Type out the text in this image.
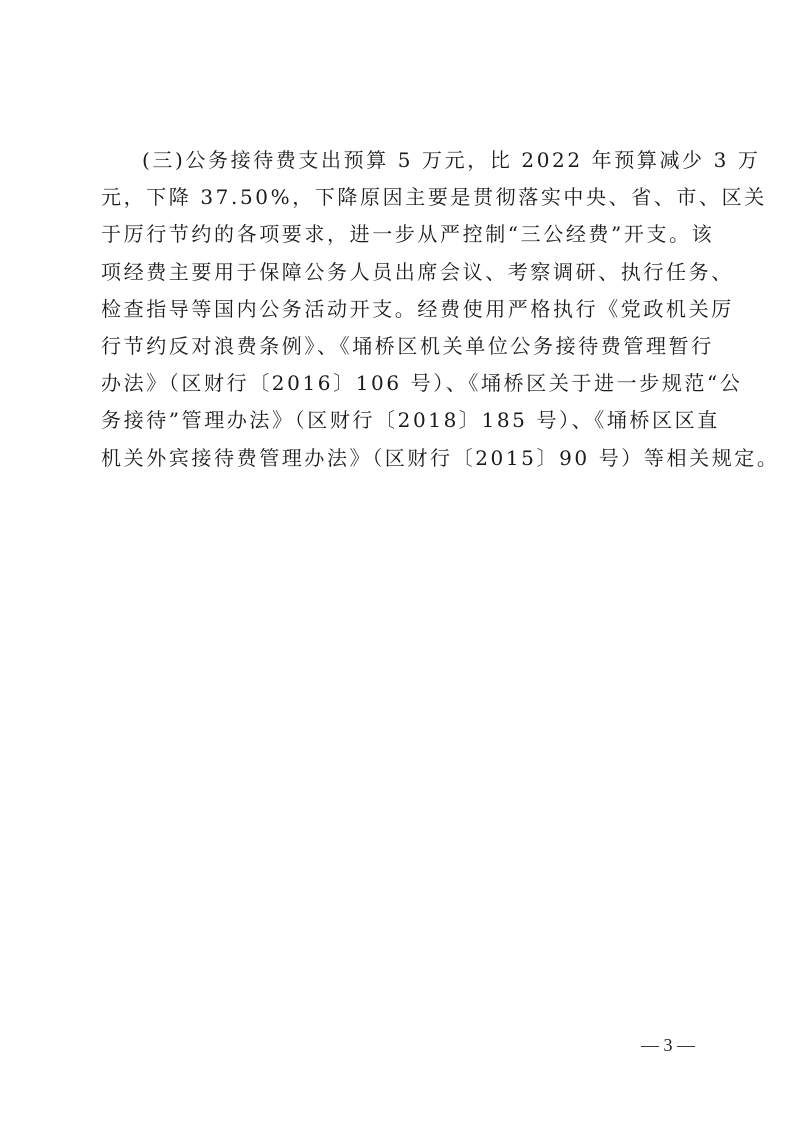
(三)公务接待费支出预算 5 万元，比 2022 年预算减少 3 万
元，下降 37.50%，下降原因主要是贯彻落实中央、省、市、区关
于厉行节约的各项要求，进一步从严控制“三公经费”开支。该
项经费主要用于保障公务人员出席会议、考察调研、执行任务、
检查指导等国内公务活动开支。经费使用严格执行《党政机关厉
行节约反对浪费条例》、《埇桥区机关单位公务接待费管理暂行
办法》（区财行〔2016〕106 号）、《埇桥区关于进一步规范“公
务接待”管理办法》（区财行〔2018〕185 号）、《埇桥区区直
机关外宾接待费管理办法》（区财行〔2015〕90 号）等相关规定。
— 3 —
